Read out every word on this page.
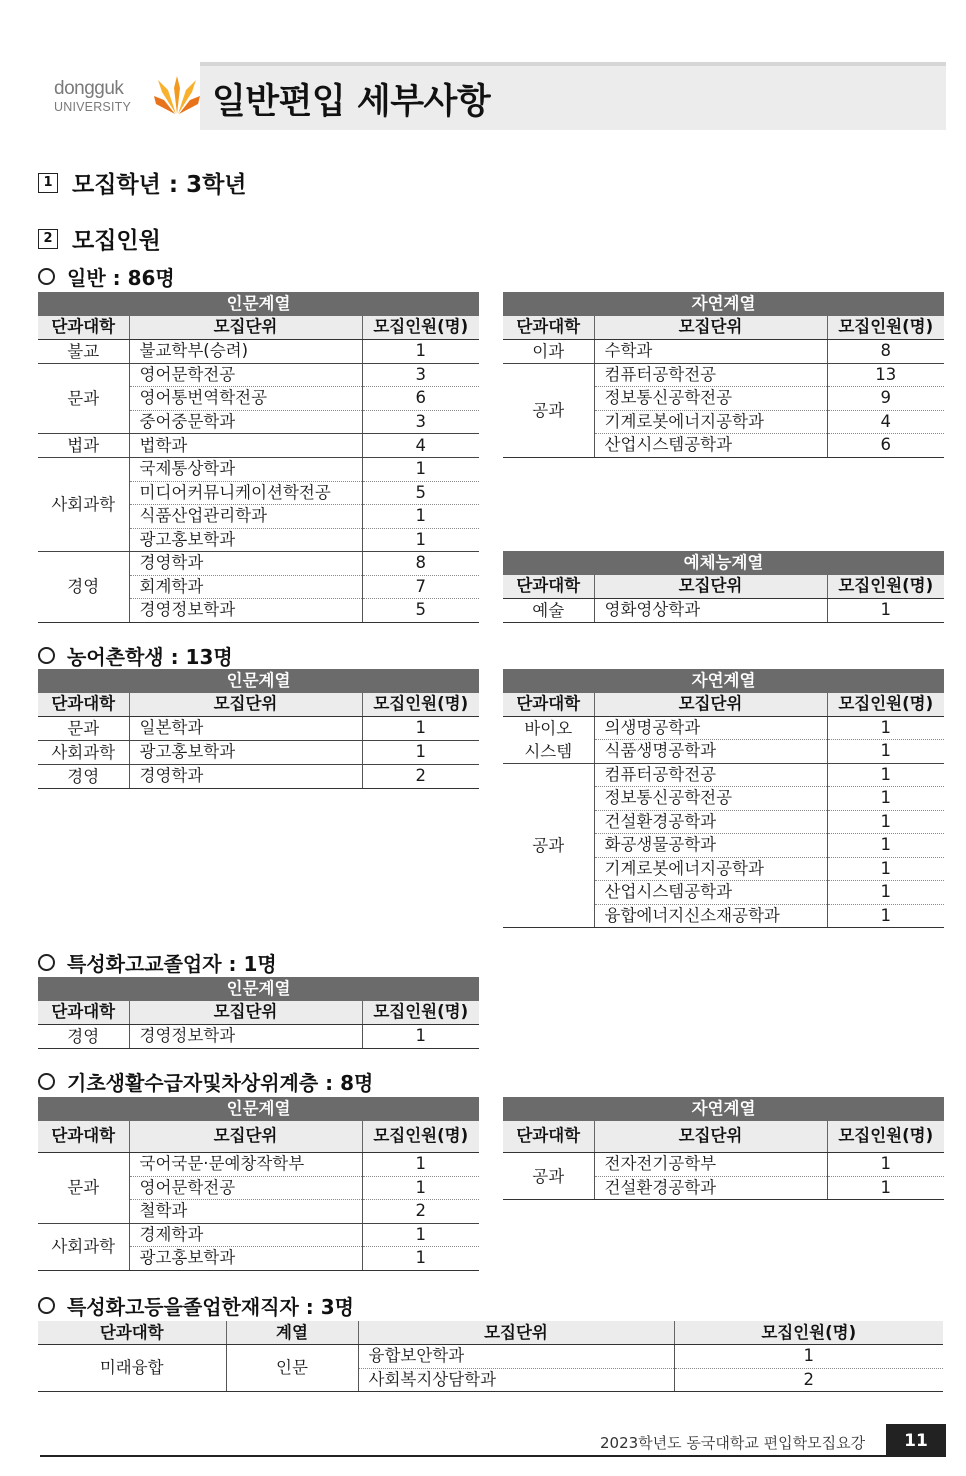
dongguk
UNIVERSITY 일반편입 세부사항
1 모집학년 : 3학년
2 모집인원
일반 : 86명
인문계열		
단과대학	모집단위	모집인원(명)
불교	불교학부(승려)	1
문과	영어문학전공	3
	영어통번역학전공	6
	중어중문학과	3
법과	법학과	4
사회과학	국제통상학과	1
	미디어커뮤니케이션학전공	5
	식품산업관리학과	1
	광고홍보학과	1
경영	경영학과	8
	회계학과	7
	경영정보학과	5
자연계열		
단과대학	모집단위	모집인원(명)
이과	수학과	8
공과	컴퓨터공학전공	13
	정보통신공학전공	9
	기계로봇에너지공학과	4
	산업시스템공학과	6
예체능계열		
단과대학	모집단위	모집인원(명)
예술	영화영상학과	1
농어촌학생 : 13명
인문계열		
단과대학	모집단위	모집인원(명)
문과	일본학과	1
사회과학	광고홍보학과	1
경영	경영학과	2
자연계열		
단과대학	모집단위	모집인원(명)
바이오
시스템	의생명공학과	1
	식품생명공학과	1
공과	컴퓨터공학전공	1
	정보통신공학전공	1
	건설환경공학과	1
	화공생물공학과	1
	기계로봇에너지공학과	1
	산업시스템공학과	1
	융합에너지신소재공학과	1
특성화고교졸업자 : 1명
인문계열		
단과대학	모집단위	모집인원(명)
경영	경영정보학과	1
기초생활수급자및차상위계층 : 8명
인문계열		
단과대학	모집단위	모집인원(명)
문과	국어국문·문예창작학부	1
	영어문학전공	1
	철학과	2
사회과학	경제학과	1
	광고홍보학과	1
자연계열		
단과대학	모집단위	모집인원(명)
공과	전자전기공학부	1
	건설환경공학과	1
특성화고등을졸업한재직자 : 3명
단과대학	계열	모집단위	모집인원(명)
미래융합	인문	융합보안학과	1
		사회복지상담학과	2
2023학년도 동국대학교 편입학모집요강	11
